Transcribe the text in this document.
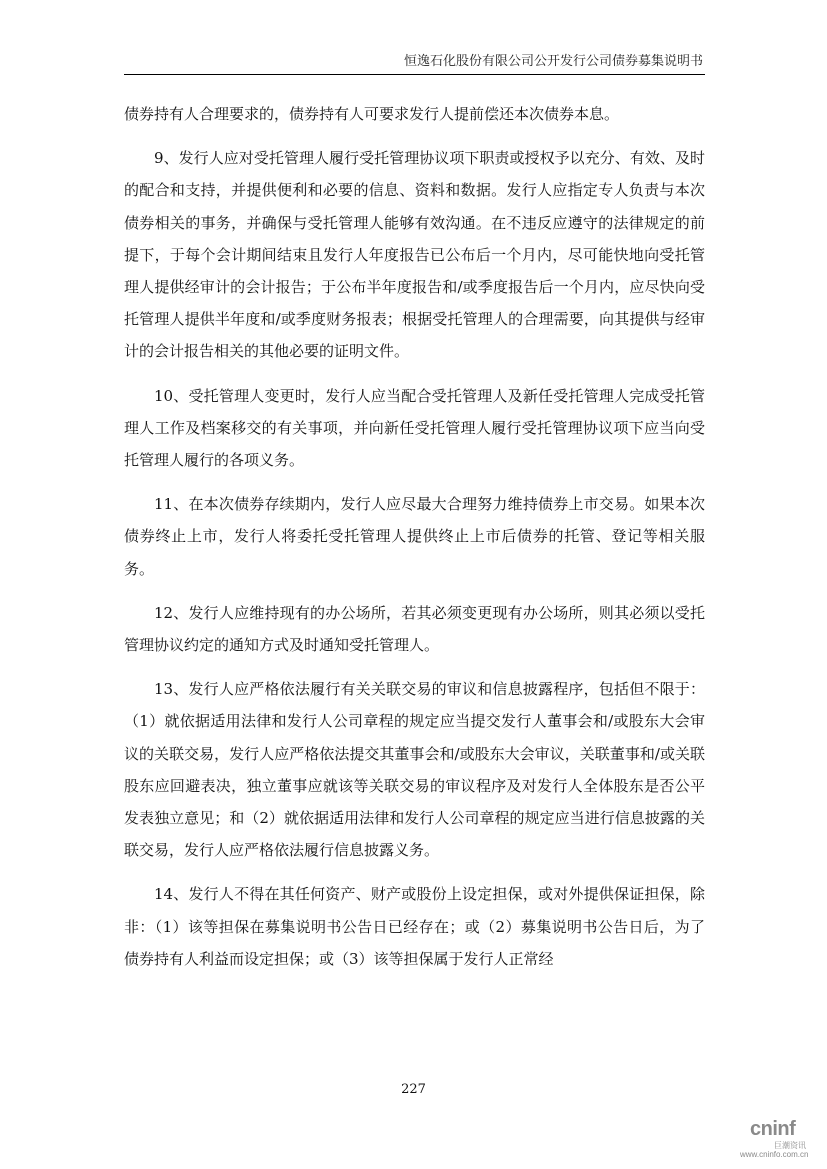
恒逸石化股份有限公司公开发行公司债券募集说明书

债券持有人合理要求的，债券持有人可要求发行人提前偿还本次债券本息。

9、发行人应对受托管理人履行受托管理协议项下职责或授权予以充分、有效、及时的配合和支持，并提供便利和必要的信息、资料和数据。发行人应指定专人负责与本次债券相关的事务，并确保与受托管理人能够有效沟通。在不违反应遵守的法律规定的前提下，于每个会计期间结束且发行人年度报告已公布后一个月内，尽可能快地向受托管理人提供经审计的会计报告；于公布半年度报告和/或季度报告后一个月内，应尽快向受托管理人提供半年度和/或季度财务报表；根据受托管理人的合理需要，向其提供与经审计的会计报告相关的其他必要的证明文件。

10、受托管理人变更时，发行人应当配合受托管理人及新任受托管理人完成受托管理人工作及档案移交的有关事项，并向新任受托管理人履行受托管理协议项下应当向受托管理人履行的各项义务。

11、在本次债券存续期内，发行人应尽最大合理努力维持债券上市交易。如果本次债券终止上市，发行人将委托受托管理人提供终止上市后债券的托管、登记等相关服务。

12、发行人应维持现有的办公场所，若其必须变更现有办公场所，则其必须以受托管理协议约定的通知方式及时通知受托管理人。

13、发行人应严格依法履行有关关联交易的审议和信息披露程序，包括但不限于：（1）就依据适用法律和发行人公司章程的规定应当提交发行人董事会和/或股东大会审议的关联交易，发行人应严格依法提交其董事会和/或股东大会审议，关联董事和/或关联股东应回避表决，独立董事应就该等关联交易的审议程序及对发行人全体股东是否公平发表独立意见；和（2）就依据适用法律和发行人公司章程的规定应当进行信息披露的关联交易，发行人应严格依法履行信息披露义务。

14、发行人不得在其任何资产、财产或股份上设定担保，或对外提供保证担保，除非：（1）该等担保在募集说明书公告日已经存在；或（2）募集说明书公告日后，为了债券持有人利益而设定担保；或（3）该等担保属于发行人正常经

227
cninf
巨潮资讯
www.cninfo.com.cn
